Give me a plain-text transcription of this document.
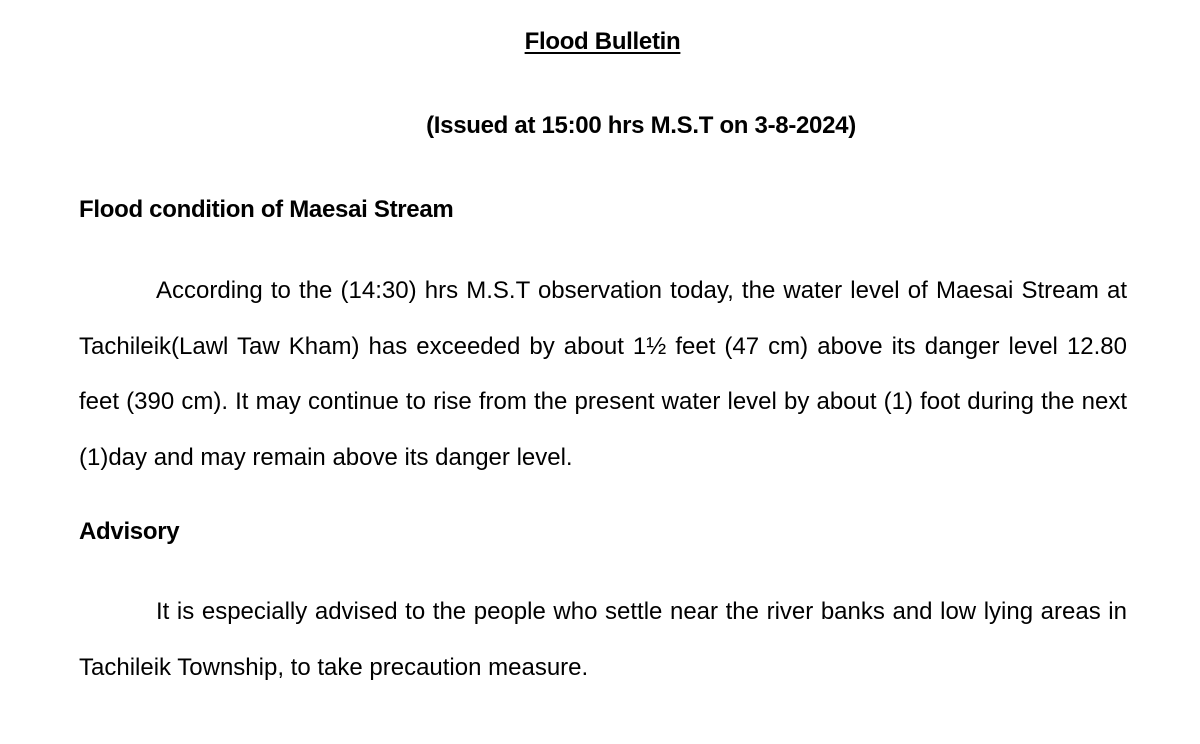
Flood Bulletin
(Issued at 15:00 hrs M.S.T on 3-8-2024)
Flood condition of Maesai Stream

According to the (14:30) hrs M.S.T observation today, the water level of Maesai Stream at Tachileik(Lawl Taw Kham) has exceeded by about 1½ feet (47 cm) above its danger level 12.80 feet (390 cm). It may continue to rise from the present water level by about (1) foot during the next (1)day and may remain above its danger level.

Advisory

It is especially advised to the people who settle near the river banks and low lying areas in Tachileik Township, to take precaution measure.
